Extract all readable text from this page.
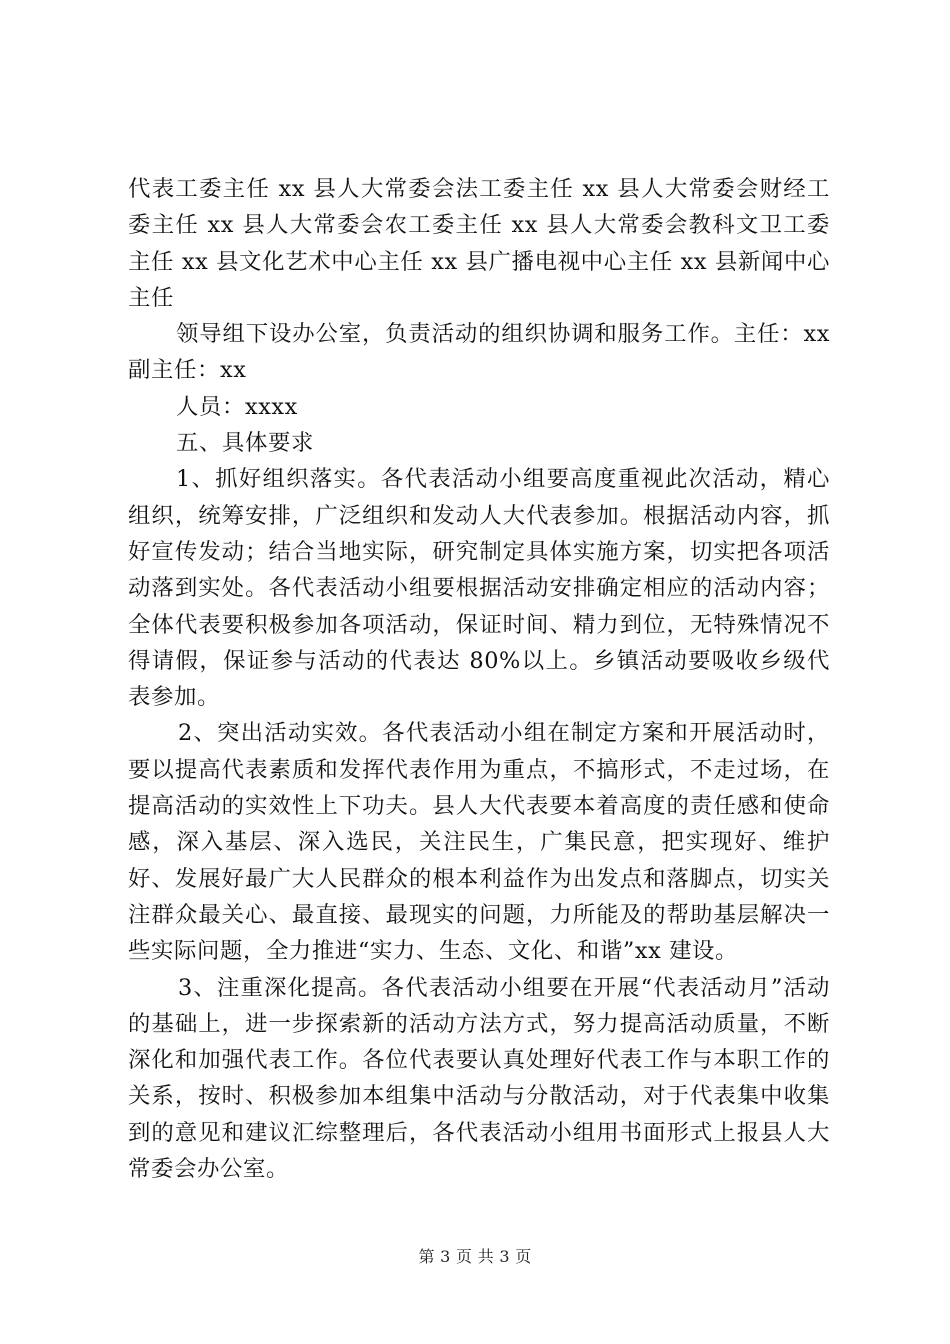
代表工委主任 xx 县人大常委会法工委主任 xx 县人大常委会财经工委主任 xx 县人大常委会农工委主任 xx 县人大常委会教科文卫工委主任 xx 县文化艺术中心主任 xx 县广播电视中心主任 xx 县新闻中心主任

领导组下设办公室，负责活动的组织协调和服务工作。主任：xx 副主任：xx

人员：xxxx

五、具体要求

1、抓好组织落实。各代表活动小组要高度重视此次活动，精心组织，统筹安排，广泛组织和发动人大代表参加。根据活动内容，抓好宣传发动；结合当地实际，研究制定具体实施方案，切实把各项活动落到实处。各代表活动小组要根据活动安排确定相应的活动内容；全体代表要积极参加各项活动，保证时间、精力到位，无特殊情况不得请假，保证参与活动的代表达 80%以上。乡镇活动要吸收乡级代表参加。

2、突出活动实效。各代表活动小组在制定方案和开展活动时，要以提高代表素质和发挥代表作用为重点，不搞形式，不走过场，在提高活动的实效性上下功夫。县人大代表要本着高度的责任感和使命感，深入基层、深入选民，关注民生，广集民意，把实现好、维护好、发展好最广大人民群众的根本利益作为出发点和落脚点，切实关注群众最关心、最直接、最现实的问题，力所能及的帮助基层解决一些实际问题，全力推进“实力、生态、文化、和谐”xx 建设。

3、注重深化提高。各代表活动小组要在开展“代表活动月”活动的基础上，进一步探索新的活动方法方式，努力提高活动质量，不断深化和加强代表工作。各位代表要认真处理好代表工作与本职工作的关系，按时、积极参加本组集中活动与分散活动，对于代表集中收集到的意见和建议汇综整理后，各代表活动小组用书面形式上报县人大常委会办公室。

第 3 页 共 3 页
